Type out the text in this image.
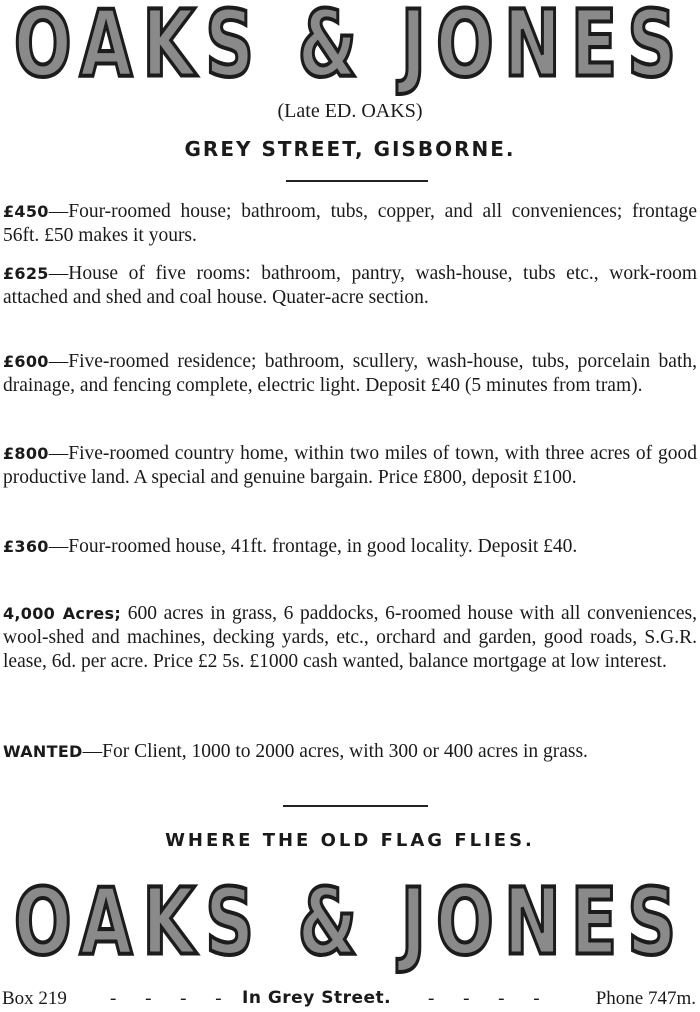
OAKS & JONES
(Late ED. OAKS)
GREY STREET, GISBORNE.
£450—Four-roomed house; bathroom, tubs, copper, and all conveniences; frontage 56ft. £50 makes it yours.
£625—House of five rooms: bathroom, pantry, wash-house, tubs etc., work-room attached and shed and coal house. Quater-acre section.
£600—Five-roomed residence; bathroom, scullery, wash-house, tubs, porcelain bath, drainage, and fencing complete, electric light. Deposit £40 (5 minutes from tram).
£800—Five-roomed country home, within two miles of town, with three acres of good productive land. A special and genuine bargain. Price £800, deposit £100.
£360—Four-roomed house, 41ft. frontage, in good locality. Deposit £40.
4,000 Acres; 600 acres in grass, 6 paddocks, 6-roomed house with all conveniences, wool-shed and machines, decking yards, etc., orchard and garden, good roads, S.G.R. lease, 6d. per acre. Price £2 5s. £1000 cash wanted, balance mortgage at low interest.
WANTED—For Client, 1000 to 2000 acres, with 300 or 400 acres in grass.
WHERE THE OLD FLAG FLIES.
OAKS & JONES
Box 219 - - - - In Grey Street. - - - - Phone 747m.
